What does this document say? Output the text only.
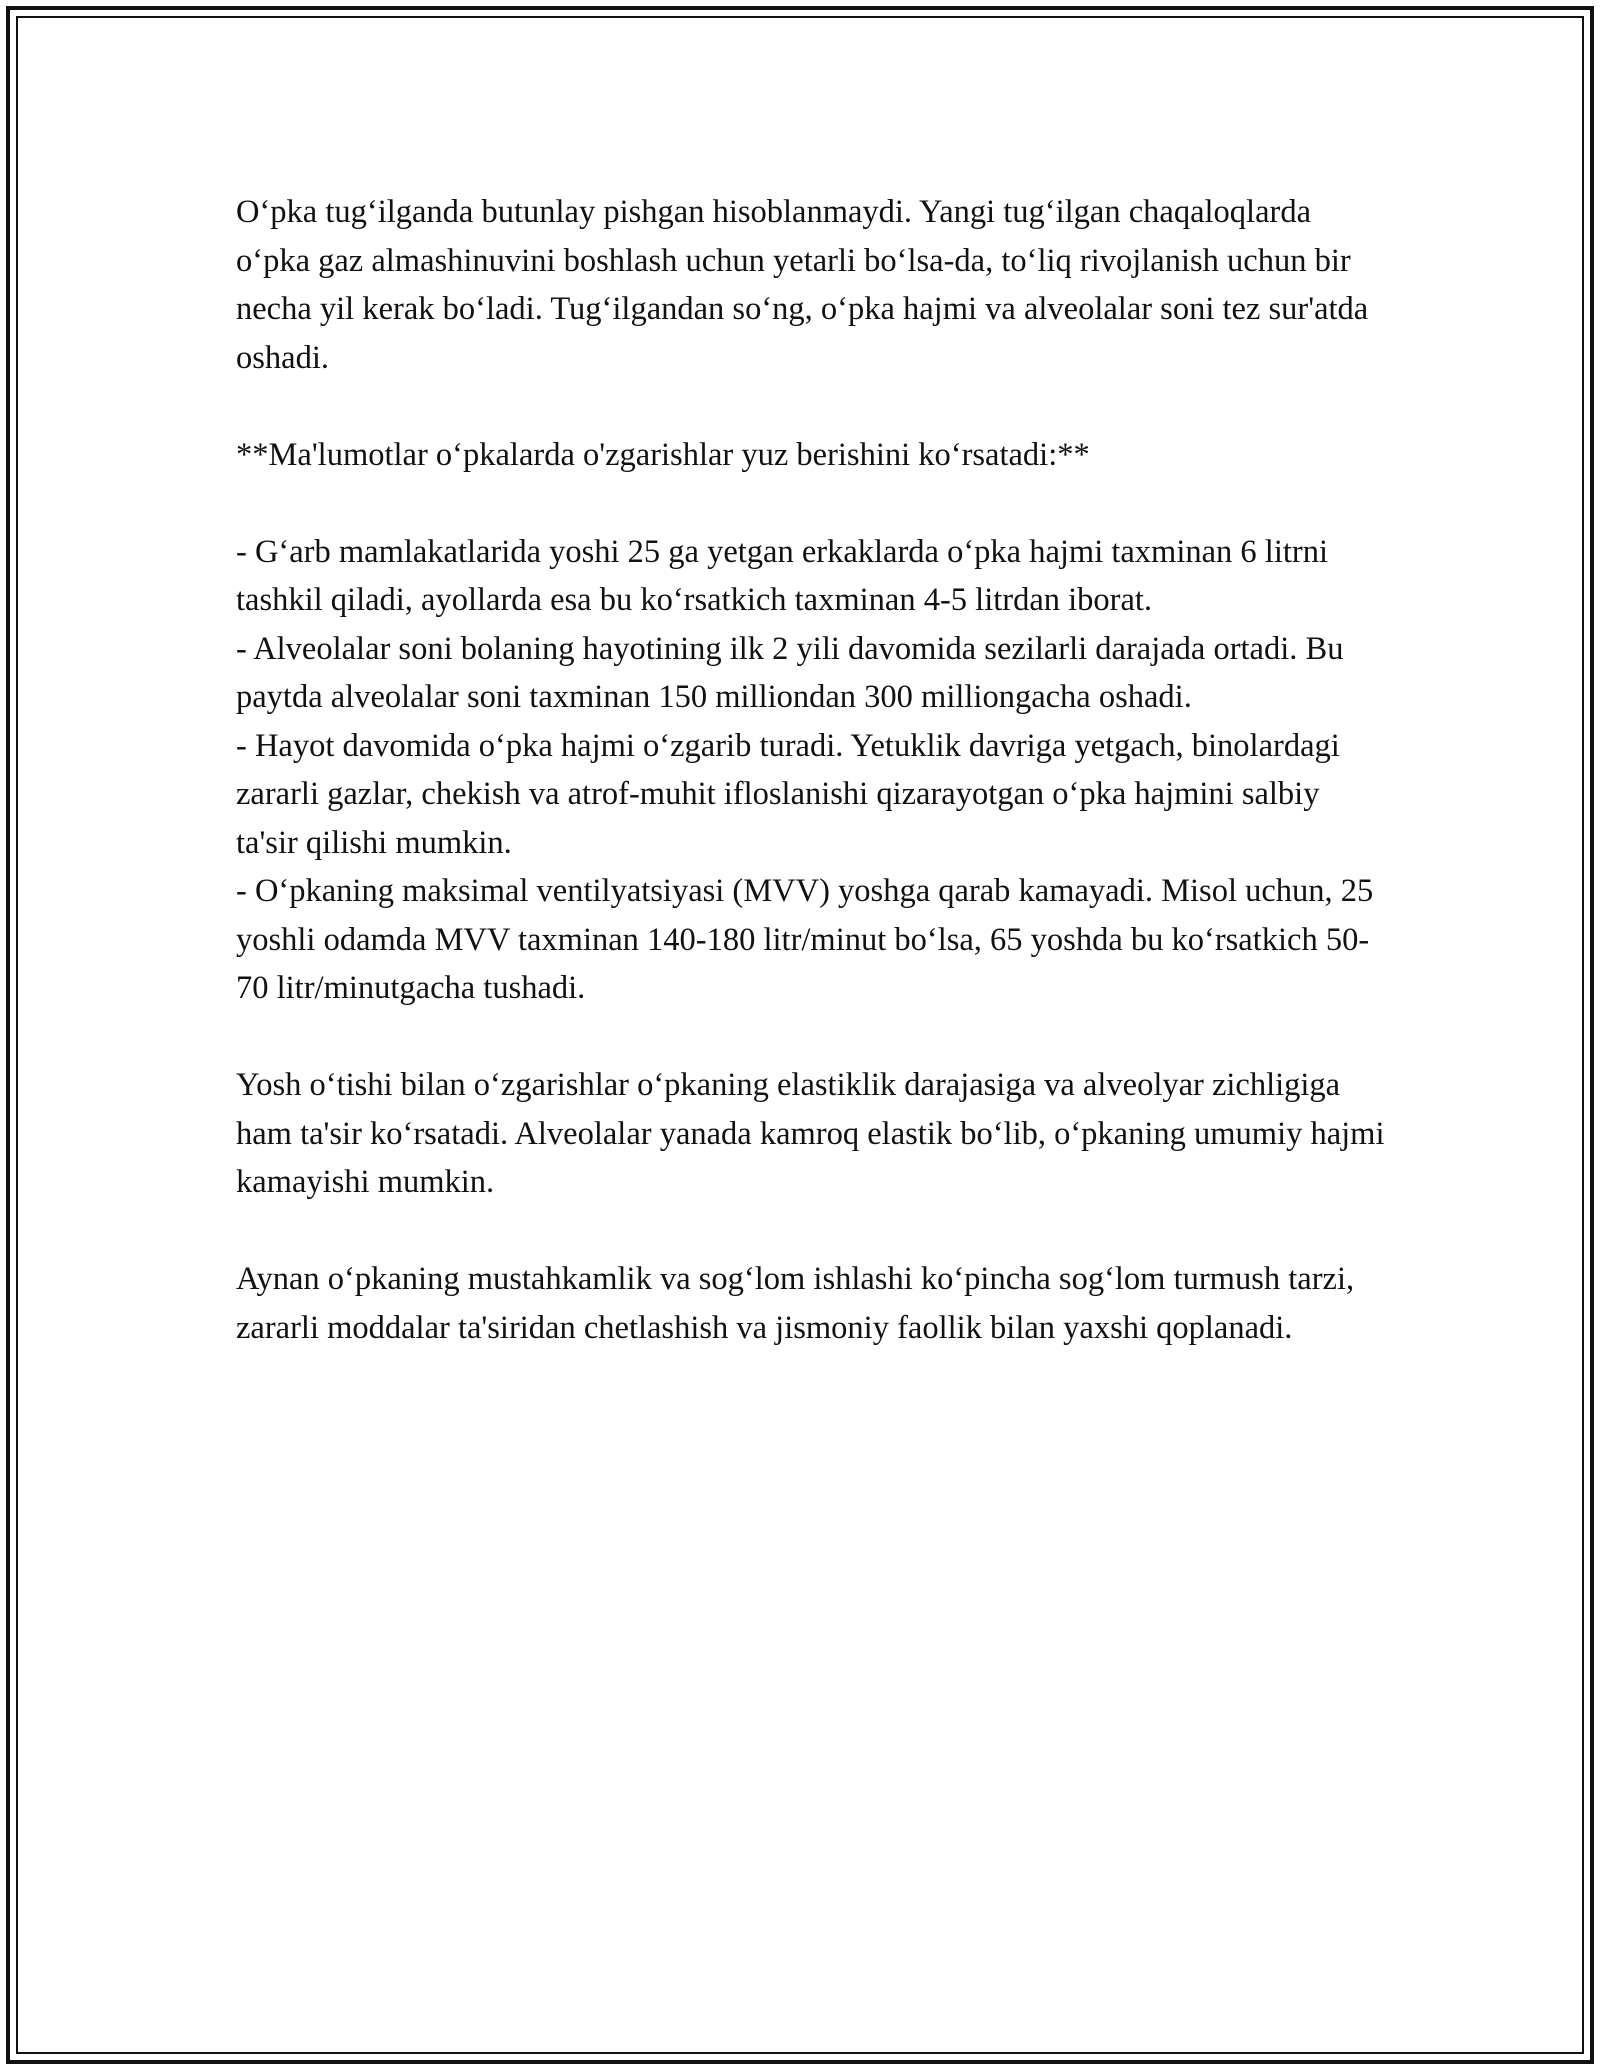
O‘pka tug‘ilganda butunlay pishgan hisoblanmaydi. Yangi tug‘ilgan chaqaloqlarda o‘pka gaz almashinuvini boshlash uchun yetarli bo‘lsa-da, to‘liq rivojlanish uchun bir necha yil kerak bo‘ladi. Tug‘ilgandan so‘ng, o‘pka hajmi va alveolalar soni tez sur'atda oshadi.

**Ma'lumotlar o‘pkalarda o'zgarishlar yuz berishini ko‘rsatadi:**

- G‘arb mamlakatlarida yoshi 25 ga yetgan erkaklarda o‘pka hajmi taxminan 6 litrni tashkil qiladi, ayollarda esa bu ko‘rsatkich taxminan 4-5 litrdan iborat.

- Alveolalar soni bolaning hayotining ilk 2 yili davomida sezilarli darajada ortadi. Bu paytda alveolalar soni taxminan 150 milliondan 300 milliongacha oshadi.

- Hayot davomida o‘pka hajmi o‘zgarib turadi. Yetuklik davriga yetgach, binolardagi zararli gazlar, chekish va atrof-muhit ifloslanishi qizarayotgan o‘pka hajmini salbiy ta'sir qilishi mumkin.

- O‘pkaning maksimal ventilyatsiyasi (MVV) yoshga qarab kamayadi. Misol uchun, 25 yoshli odamda MVV taxminan 140-180 litr/minut bo‘lsa, 65 yoshda bu ko‘rsatkich 50-70 litr/minutgacha tushadi.

Yosh o‘tishi bilan o‘zgarishlar o‘pkaning elastiklik darajasiga va alveolyar zichligiga ham ta'sir ko‘rsatadi. Alveolalar yanada kamroq elastik bo‘lib, o‘pkaning umumiy hajmi kamayishi mumkin.

Aynan o‘pkaning mustahkamlik va sog‘lom ishlashi ko‘pincha sog‘lom turmush tarzi, zararli moddalar ta'siridan chetlashish va jismoniy faollik bilan yaxshi qoplanadi.
